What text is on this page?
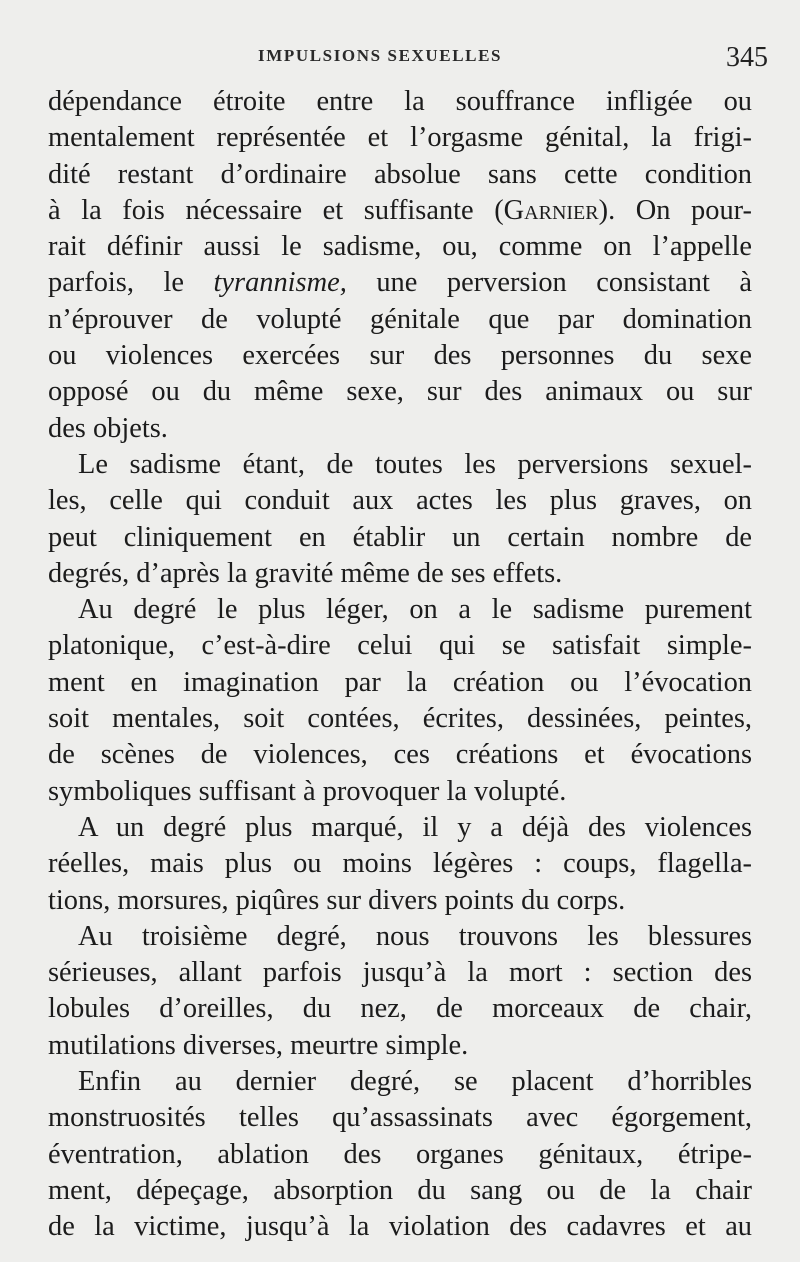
IMPULSIONS SEXUELLES	345
dépendance étroite entre la souffrance infligée ou
mentalement représentée et l’orgasme génital, la frigi-
dité restant d’ordinaire absolue sans cette condition
à la fois nécessaire et suffisante (Garnier). On pour-
rait définir aussi le sadisme, ou, comme on l’appelle
parfois, le tyrannisme, une perversion consistant à
n’éprouver de volupté génitale que par domination
ou violences exercées sur des personnes du sexe
opposé ou du même sexe, sur des animaux ou sur
des objets.
Le sadisme étant, de toutes les perversions sexuel-
les, celle qui conduit aux actes les plus graves, on
peut cliniquement en établir un certain nombre de
degrés, d’après la gravité même de ses effets.
Au degré le plus léger, on a le sadisme purement
platonique, c’est-à-dire celui qui se satisfait simple-
ment en imagination par la création ou l’évocation
soit mentales, soit contées, écrites, dessinées, peintes,
de scènes de violences, ces créations et évocations
symboliques suffisant à provoquer la volupté.
A un degré plus marqué, il y a déjà des violences
réelles, mais plus ou moins légères : coups, flagella-
tions, morsures, piqûres sur divers points du corps.
Au troisième degré, nous trouvons les blessures
sérieuses, allant parfois jusqu’à la mort : section des
lobules d’oreilles, du nez, de morceaux de chair,
mutilations diverses, meurtre simple.
Enfin au dernier degré, se placent d’horribles
monstruosités telles qu’assassinats avec égorgement,
éventration, ablation des organes génitaux, étripe-
ment, dépeçage, absorption du sang ou de la chair
de la victime, jusqu’à la violation des cadavres et au
